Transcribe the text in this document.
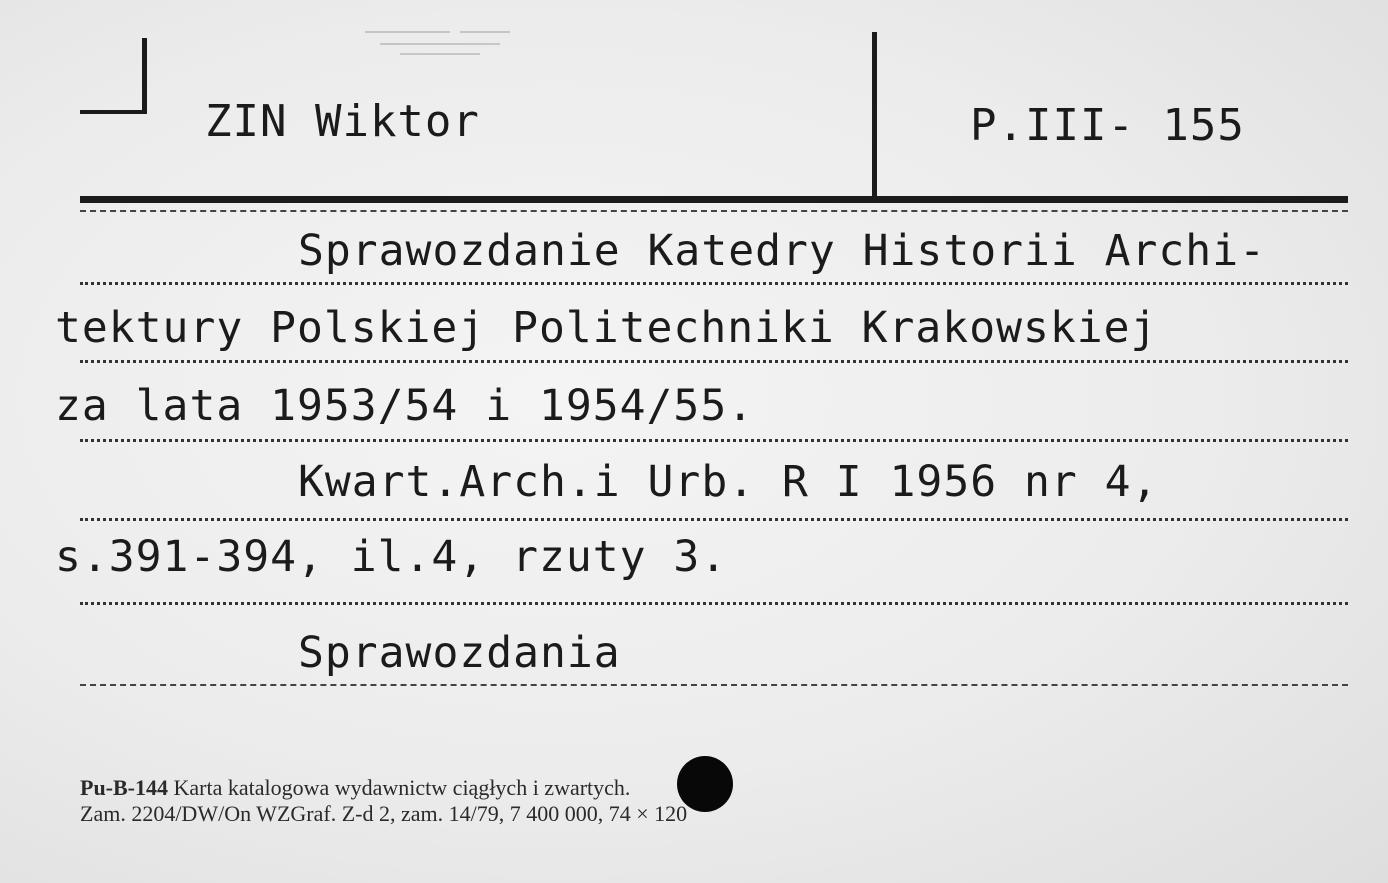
ZIN Wiktor	P.III- 155
Sprawozdanie Katedry Historii Archi-
tektury Polskiej Politechniki Krakowskiej
za lata 1953/54 i 1954/55.
Kwart.Arch.i Urb. R I 1956 nr 4,
s.391-394, il.4, rzuty 3.
Sprawozdania
Pu-B-144 Karta katalogowa wydawnictw ciągłych i zwartych.
Zam. 2204/DW/On WZGraf. Z-d 2, zam. 14/79, 7 400 000, 74 × 120
